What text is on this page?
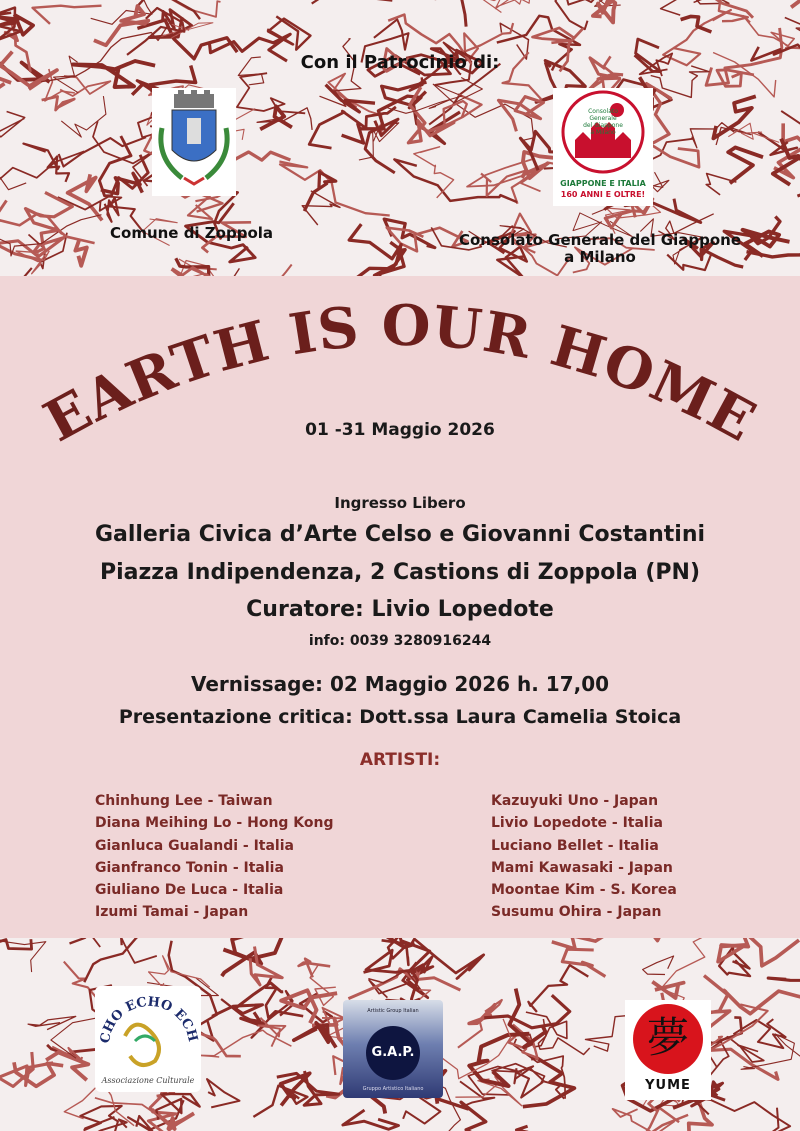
Con il Patrocinio di:
Consolato
Generale
del Giappone
a Milano
GIAPPONE E ITALIA
160 ANNI E OLTRE!
Comune di Zoppola	Consolato Generale del Giappone
a Milano
EARTH IS OUR HOME
01 -31 Maggio 2026
Ingresso Libero
Galleria Civica d’Arte Celso e Giovanni Costantini
Piazza Indipendenza, 2 Castions di Zoppola (PN)
Curatore: Livio Lopedote
info: 0039 3280916244
Vernissage: 02 Maggio 2026 h. 17,00
Presentazione critica: Dott.ssa Laura Camelia Stoica
ARTISTI:
Chinhung Lee - Taiwan
Diana Meihing Lo - Hong Kong
Gianluca Gualandi - Italia
Gianfranco Tonin - Italia
Giuliano De Luca - Italia
Izumi Tamai - Japan
Kazuyuki Uno - Japan
Livio Lopedote - Italia
Luciano Bellet - Italia
Mami Kawasaki - Japan
Moontae Kim - S. Korea
Susumu Ohira - Japan
CHO ECHO ECH
Associazione Culturale
Artistic Group Italian
G.A.P.
Gruppo Artistico Italiano
夢
YUME
